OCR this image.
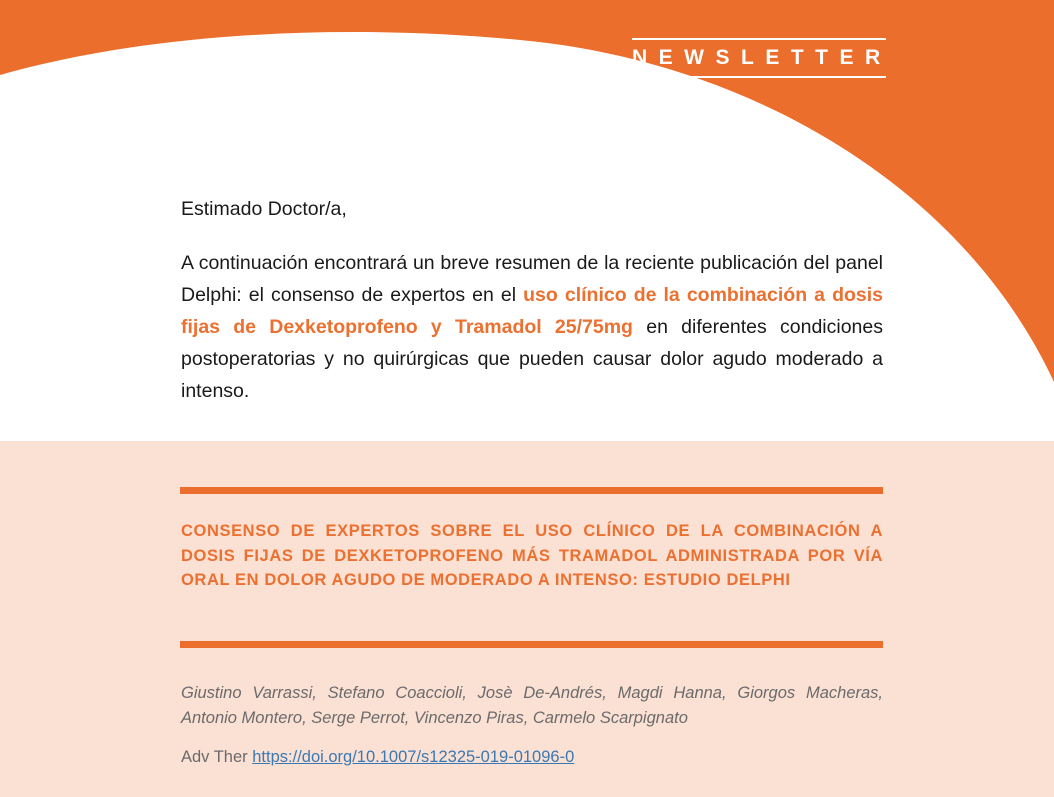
NEWSLETTER
Estimado Doctor/a,
A continuación encontrará un breve resumen de la reciente publicación del panel Delphi: el consenso de expertos en el uso clínico de la combinación a dosis fijas de Dexketoprofeno y Tramadol 25/75mg en diferentes condiciones postoperatorias y no quirúrgicas que pueden causar dolor agudo moderado a intenso.
CONSENSO DE EXPERTOS SOBRE EL USO CLÍNICO DE LA COMBINACIÓN A DOSIS FIJAS DE DEXKETOPROFENO MÁS TRAMADOL ADMINISTRADA POR VÍA ORAL EN DOLOR AGUDO DE MODERADO A INTENSO: ESTUDIO DELPHI
Giustino Varrassi, Stefano Coaccioli, Josè De-Andrés, Magdi Hanna, Giorgos Macheras, Antonio Montero, Serge Perrot, Vincenzo Piras, Carmelo Scarpignato
Adv Ther https://doi.org/10.1007/s12325-019-01096-0
